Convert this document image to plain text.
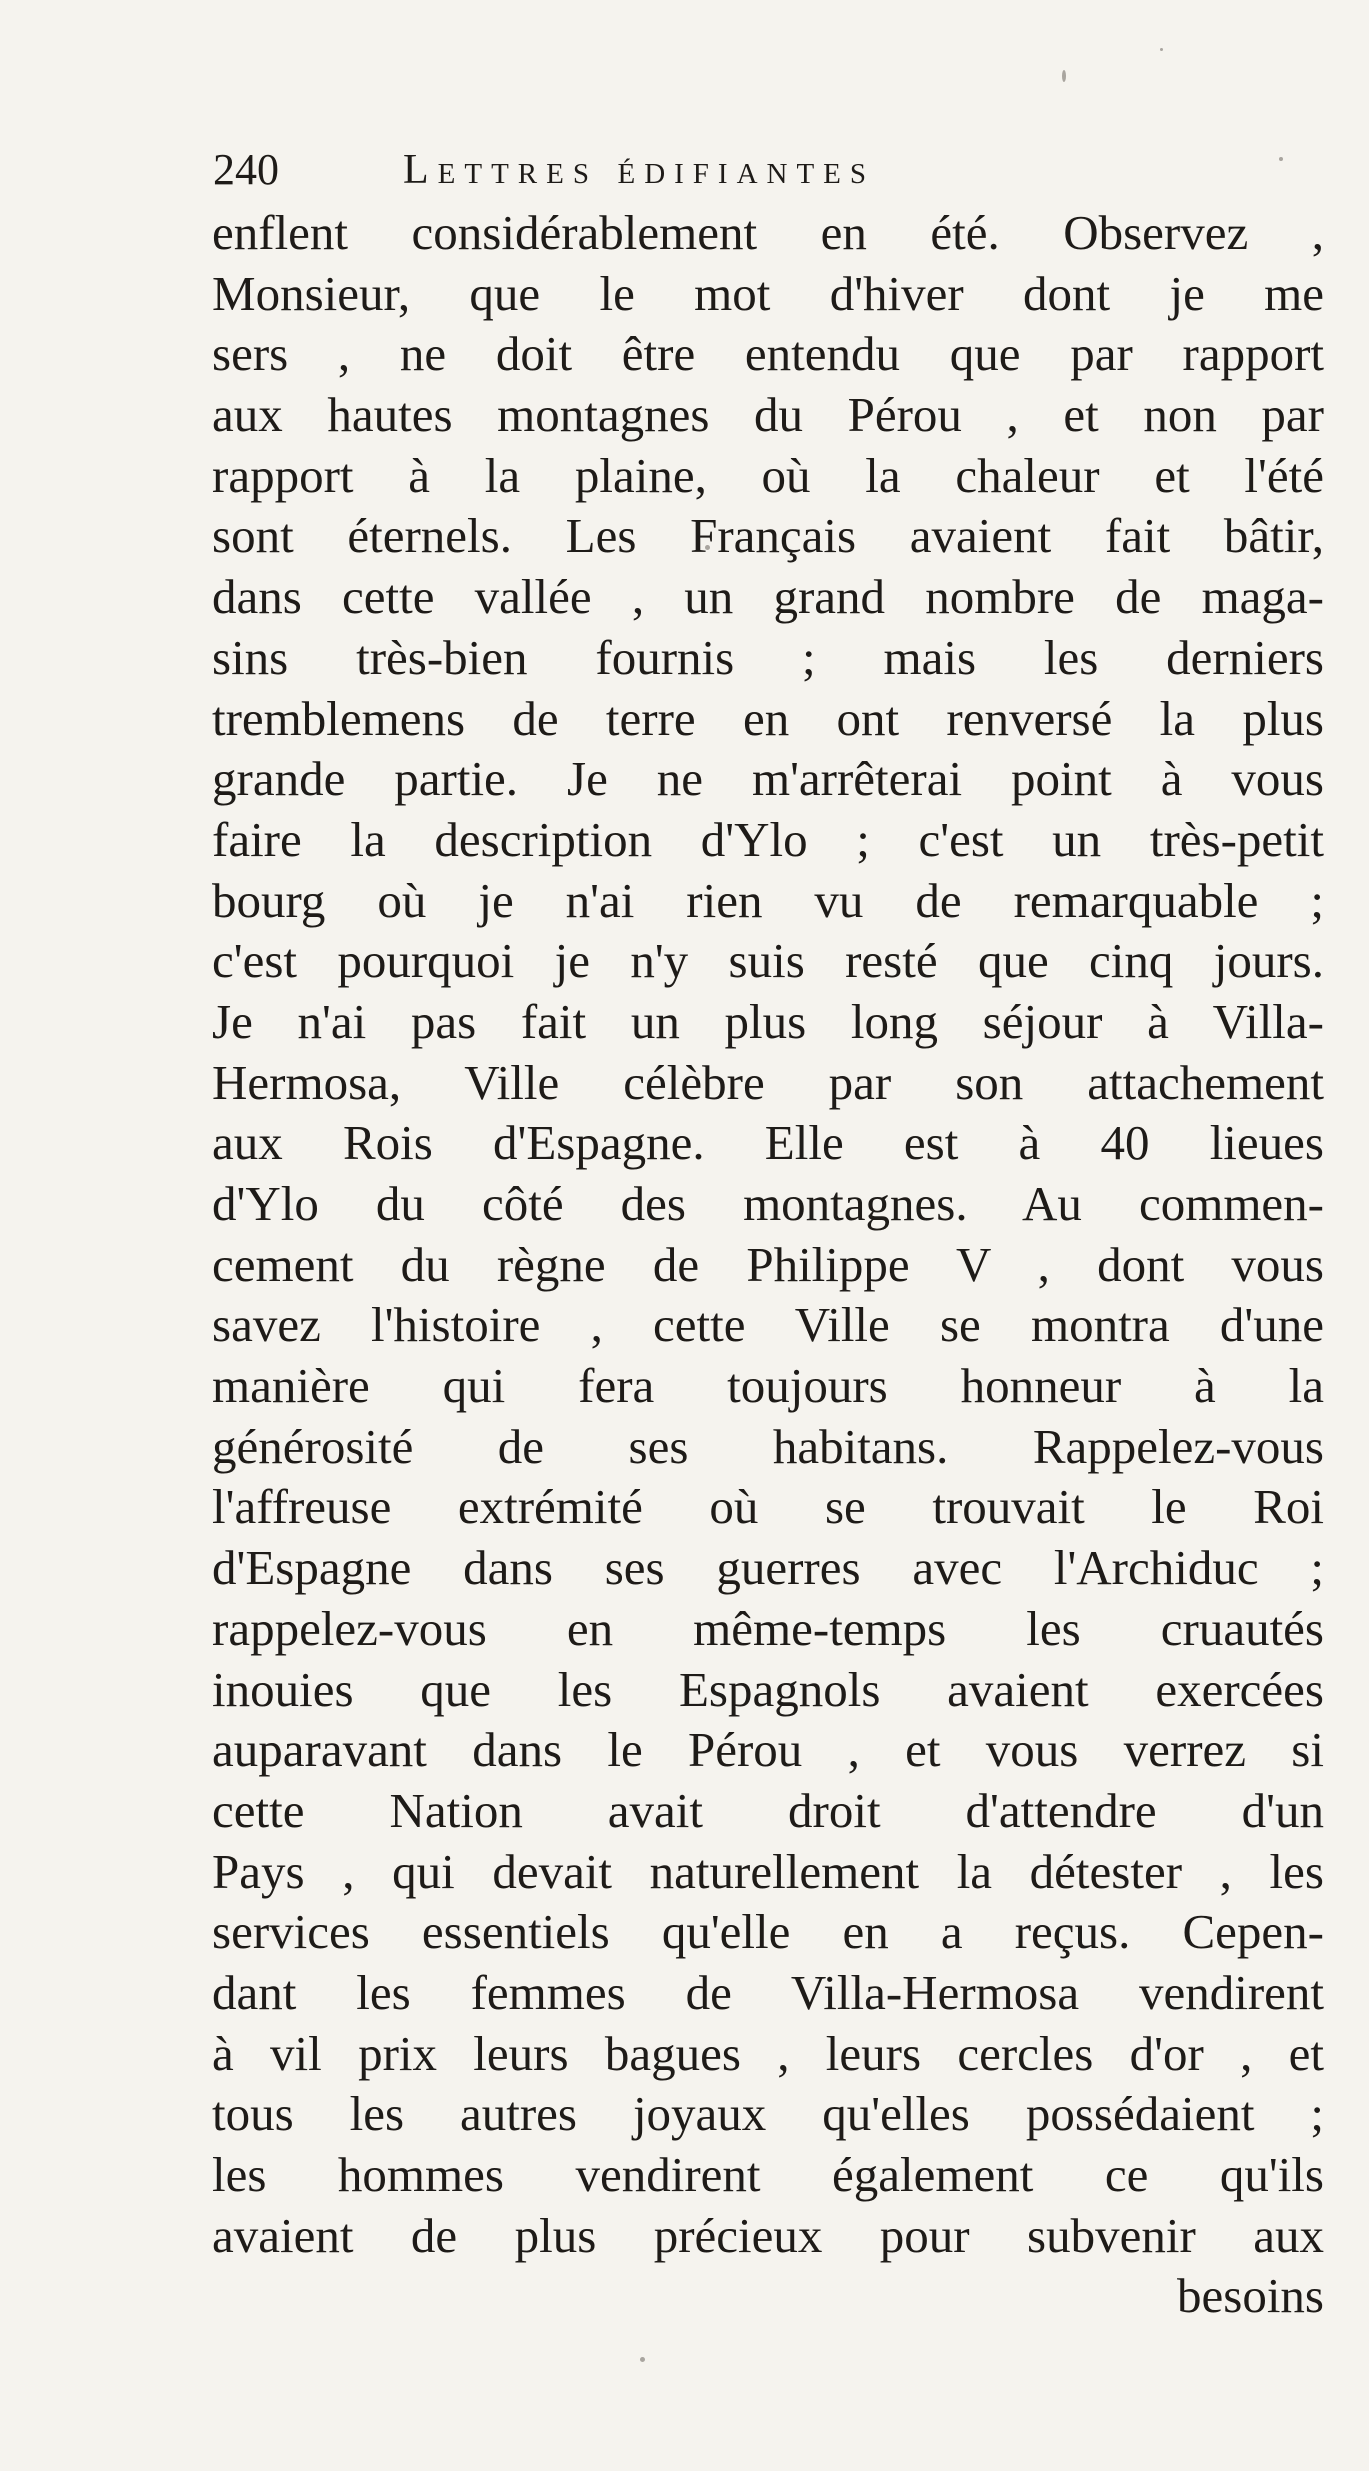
240	Lettres édifiantes
enflent considérablement en été. Observez ,
Monsieur, que le mot d'hiver dont je me
sers , ne doit être entendu que par rapport
aux hautes montagnes du Pérou , et non par
rapport à la plaine, où la chaleur et l'été
sont éternels. Les Français avaient fait bâtir,
dans cette vallée , un grand nombre de maga-
sins très-bien fournis ; mais les derniers
tremblemens de terre en ont renversé la plus
grande partie. Je ne m'arrêterai point à vous
faire la description d'Ylo ; c'est un très-petit
bourg où je n'ai rien vu de remarquable ;
c'est pourquoi je n'y suis resté que cinq jours.
Je n'ai pas fait un plus long séjour à Villa-
Hermosa, Ville célèbre par son attachement
aux Rois d'Espagne. Elle est à 40 lieues
d'Ylo du côté des montagnes. Au commen-
cement du règne de Philippe V , dont vous
savez l'histoire , cette Ville se montra d'une
manière qui fera toujours honneur à la
générosité de ses habitans. Rappelez-vous
l'affreuse extrémité où se trouvait le Roi
d'Espagne dans ses guerres avec l'Archiduc ;
rappelez-vous en même-temps les cruautés
inouies que les Espagnols avaient exercées
auparavant dans le Pérou , et vous verrez si
cette Nation avait droit d'attendre d'un
Pays , qui devait naturellement la détester , les
services essentiels qu'elle en a reçus. Cepen-
dant les femmes de Villa-Hermosa vendirent
à vil prix leurs bagues , leurs cercles d'or , et
tous les autres joyaux qu'elles possédaient ;
les hommes vendirent également ce qu'ils
avaient de plus précieux pour subvenir aux
besoins
